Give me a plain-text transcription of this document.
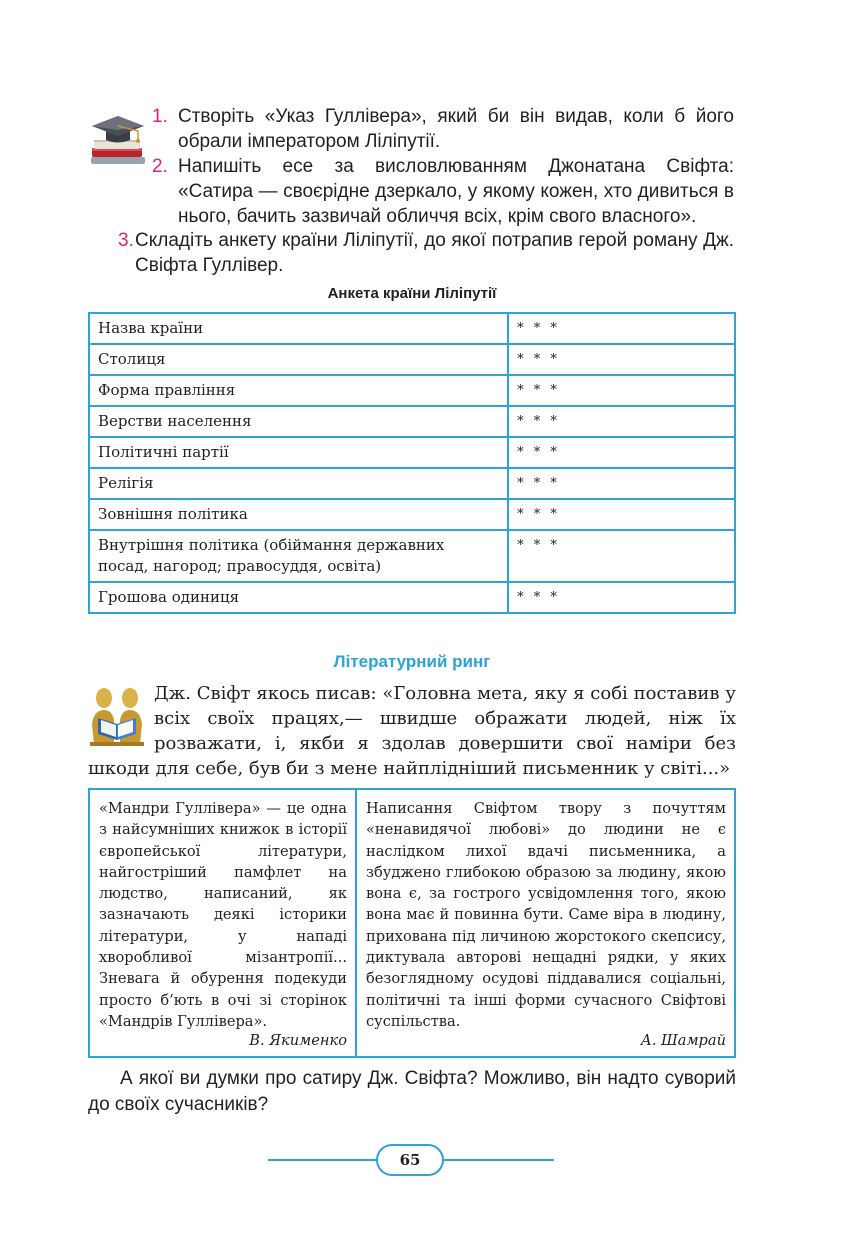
1. Створіть «Указ Гуллівера», який би він видав, коли б його обрали імператором Ліліпутії.
2. Напишіть есе за висловлюванням Джонатана Свіфта: «Сатира — своєрідне дзеркало, у якому кожен, хто дивиться в нього, бачить зазвичай обличчя всіх, крім свого власного».
3. Складіть анкету країни Ліліпутії, до якої потрапив герой роману Дж. Свіфта Гуллівер.
Анкета країни Ліліпутії
Назва країни	* * *
Столиця	* * *
Форма правління	* * *
Верстви населення	* * *
Політичні партії	* * *
Релігія	* * *
Зовнішня політика	* * *
Внутрішня політика (обіймання державних посад, нагород; правосуддя, освіта)	* * *
Грошова одиниця	* * *
Літературний ринг
Дж. Свіфт якось писав: «Головна мета, яку я собі поставив у всіх своїх працях,— швидше ображати людей, ніж їх розважати, і, якби я здолав довершити свої наміри без шкоди для себе, був би з мене найплідніший письменник у світі...»
«Мандри Гуллівера» — це одна з найсумніших книжок в історії європейської літератури, найгостріший памфлет на людство, написаний, як зазначають деякі історики літератури, у нападі хворобливої мізантропії... Зневага й обурення подекуди просто б’ють в очі зі сторінок «Мандрів Гуллівера».
В. Якименко
Написання Свіфтом твору з почуттям «ненавидячої любові» до людини не є наслідком лихої вдачі письменника, а збуджено глибокою образою за людину, якою вона є, за гострого усвідомлення того, якою вона має й повинна бути. Саме віра в людину, прихована під личиною жорстокого скепсису, диктувала авторові нещадні рядки, у яких безоглядному осудові піддавалися соціальні, політичні та інші форми сучасного Свіфтові суспільства.
А. Шамрай
А якої ви думки про сатиру Дж. Свіфта? Можливо, він надто суворий до своїх сучасників?
65
